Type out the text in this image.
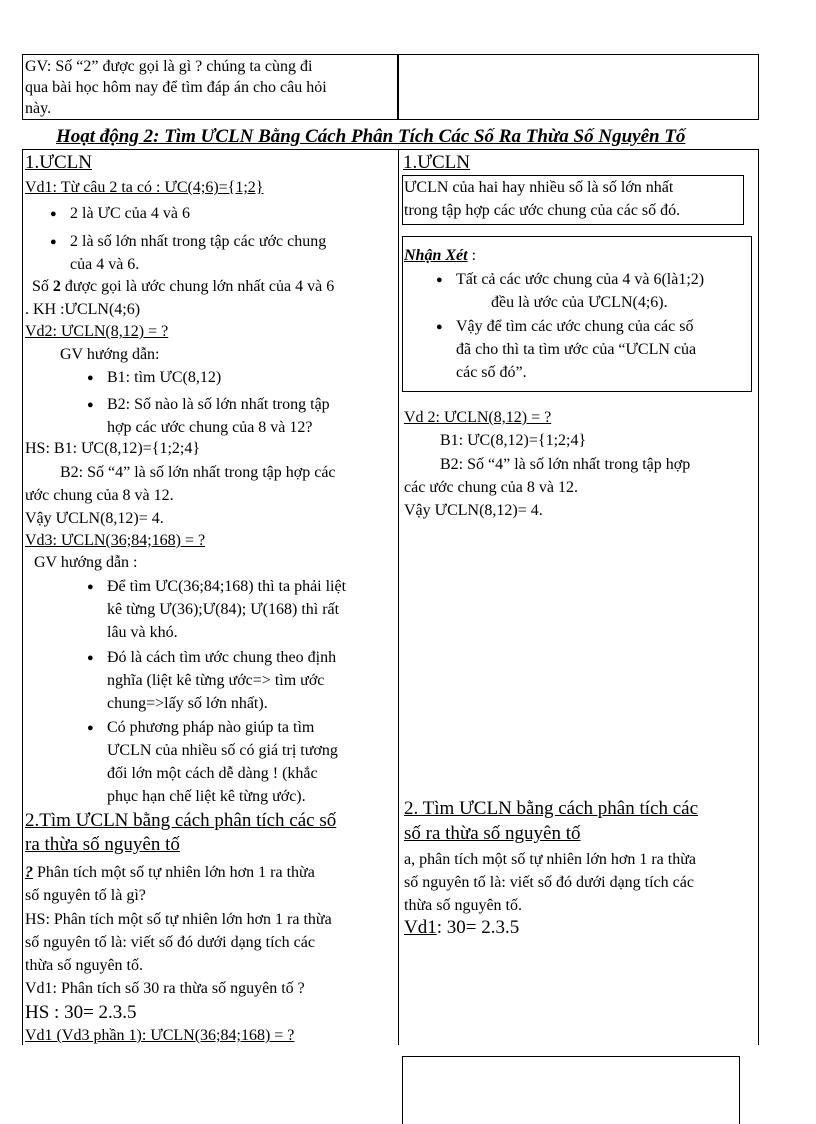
GV: Số “2” được gọi là gì ? chúng ta cùng đi
qua bài học hôm nay để tìm đáp án cho câu hỏi
này.
Hoạt động 2: Tìm ƯCLN Bằng Cách Phân Tích Các Số Ra Thừa Số Nguyên Tố
1.ƯCLN
Vd1: Từ câu 2 ta có : ƯC(4;6)={1;2}
● 2 là ƯC của 4 và 6
● 2 là số lớn nhất trong tập các ước chung
của 4 và 6.
Số 2 được gọi là ước chung lớn nhất của 4 và 6
. KH :ƯCLN(4;6)
Vd2: ƯCLN(8,12) = ?
GV hướng dẫn:
● B1: tìm ƯC(8,12)
● B2: Số nào là số lớn nhất trong tập
hợp các ước chung của 8 và 12?
HS: B1: ƯC(8,12)={1;2;4}
B2: Số “4” là số lớn nhất trong tập hợp các
ước chung của 8 và 12.
Vậy ƯCLN(8,12)= 4.
Vd3: ƯCLN(36;84;168) = ?
GV hướng dẫn :
● Để tìm ƯC(36;84;168) thì ta phải liệt
kê từng Ư(36);Ư(84); Ư(168) thì rất
lâu và khó.
● Đó là cách tìm ước chung theo định
nghĩa (liệt kê từng ước=> tìm ước
chung=>lấy số lớn nhất).
● Có phương pháp nào giúp ta tìm
ƯCLN của nhiều số có giá trị tương
đối lớn một cách dễ dàng ! (khắc
phục hạn chế liệt kê từng ước).
2.Tìm ƯCLN bằng cách phân tích các số
ra thừa số nguyên tố
? Phân tích một số tự nhiên lớn hơn 1 ra thừa
số nguyên tố là gì?
HS: Phân tích một số tự nhiên lớn hơn 1 ra thừa
số nguyên tố là: viết số đó dưới dạng tích các
thừa số nguyên tố.
Vd1: Phân tích số 30 ra thừa số nguyên tố ?
HS : 30= 2.3.5
Vd1 (Vd3 phần 1): ƯCLN(36;84;168) = ?
1.ƯCLN
ƯCLN của hai hay nhiều số là số lớn nhất
trong tập hợp các ước chung của các số đó.
Nhận Xét :
● Tất cả các ước chung của 4 và 6(là1;2)
đều là ước của ƯCLN(4;6).
● Vậy để tìm các ước chung của các số
đã cho thì ta tìm ước của “ƯCLN của
các số đó”.
Vd 2: ƯCLN(8,12) = ?
B1: ƯC(8,12)={1;2;4}
B2: Số “4” là số lớn nhất trong tập hợp
các ước chung của 8 và 12.
Vậy ƯCLN(8,12)= 4.
2. Tìm ƯCLN bằng cách phân tích các
số ra thừa số nguyên tố
a, phân tích một số tự nhiên lớn hơn 1 ra thừa
số nguyên tố là: viết số đó dưới dạng tích các
thừa số nguyên tố.
Vd1: 30= 2.3.5
